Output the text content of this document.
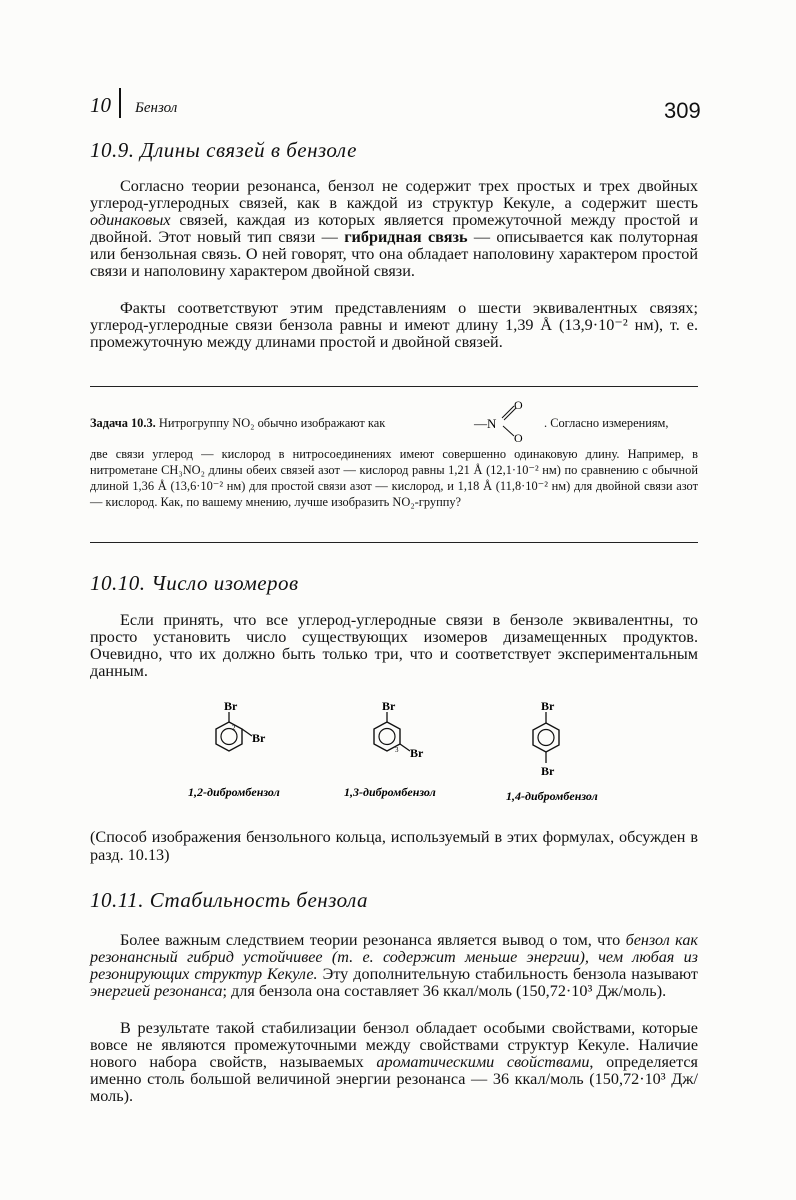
10 Бензол	309
10.9. Длины связей в бензоле

Согласно теории резонанса, бензол не содержит трех простых и трех двойных углерод-углеродных связей, как в каждой из структур Кекуле, а содержит шесть одинаковых связей, каждая из которых является промежуточной между простой и двойной. Этот новый тип связи — гибридная связь — описывается как полуторная или бензольная связь. О ней говорят, что она обладает наполовину характером простой связи и наполовину характером двойной связи.

Факты соответствуют этим представлениям о шести эквивалентных связях; углерод-углеродные связи бензола равны и имеют длину 1,39 Å (13,9·10⁻² нм), т. е. промежуточную между длинами простой и двойной связей.

Задача 10.3. Нитрогруппу NO₂ обычно изображают как	—N
O
O
. Согласно измерениям,

две связи углерод — кислород в нитросоединениях имеют совершенно одинаковую длину. Например, в нитрометане CH₃NO₂ длины обеих связей азот — кислород равны 1,21 Å (12,1·10⁻² нм) по сравнению с обычной длиной 1,36 Å (13,6·10⁻² нм) для простой связи азот — кислород, и 1,18 Å (11,8·10⁻² нм) для двойной связи азот — кислород. Как, по вашему мнению, лучше изобразить NO₂-группу?

10.10. Число изомеров

Если принять, что все углерод-углеродные связи в бензоле эквивалентны, то просто установить число существующих изомеров дизамещенных продуктов. Очевидно, что их должно быть только три, что и соответствует экспериментальным данным.

Br
Br
2
Br
Br
3
Br
Br
1,2-дибромбензол	1,3-дибромбензол	1,4-дибромбензол

(Способ изображения бензольного кольца, используемый в этих формулах, обсужден в разд. 10.13)

10.11. Стабильность бензола

Более важным следствием теории резонанса является вывод о том, что бензол как резонансный гибрид устойчивее (т. е. содержит меньше энергии), чем любая из резонирующих структур Кекуле. Эту дополнительную стабильность бензола называют энергией резонанса; для бензола она составляет 36 ккал/моль (150,72·10³ Дж/моль).

В результате такой стабилизации бензол обладает особыми свойствами, которые вовсе не являются промежуточными между свойствами структур Кекуле. Наличие нового набора свойств, называемых ароматическими свойствами, определяется именно столь большой величиной энергии резонанса — 36 ккал/моль (150,72·10³ Дж/моль).
